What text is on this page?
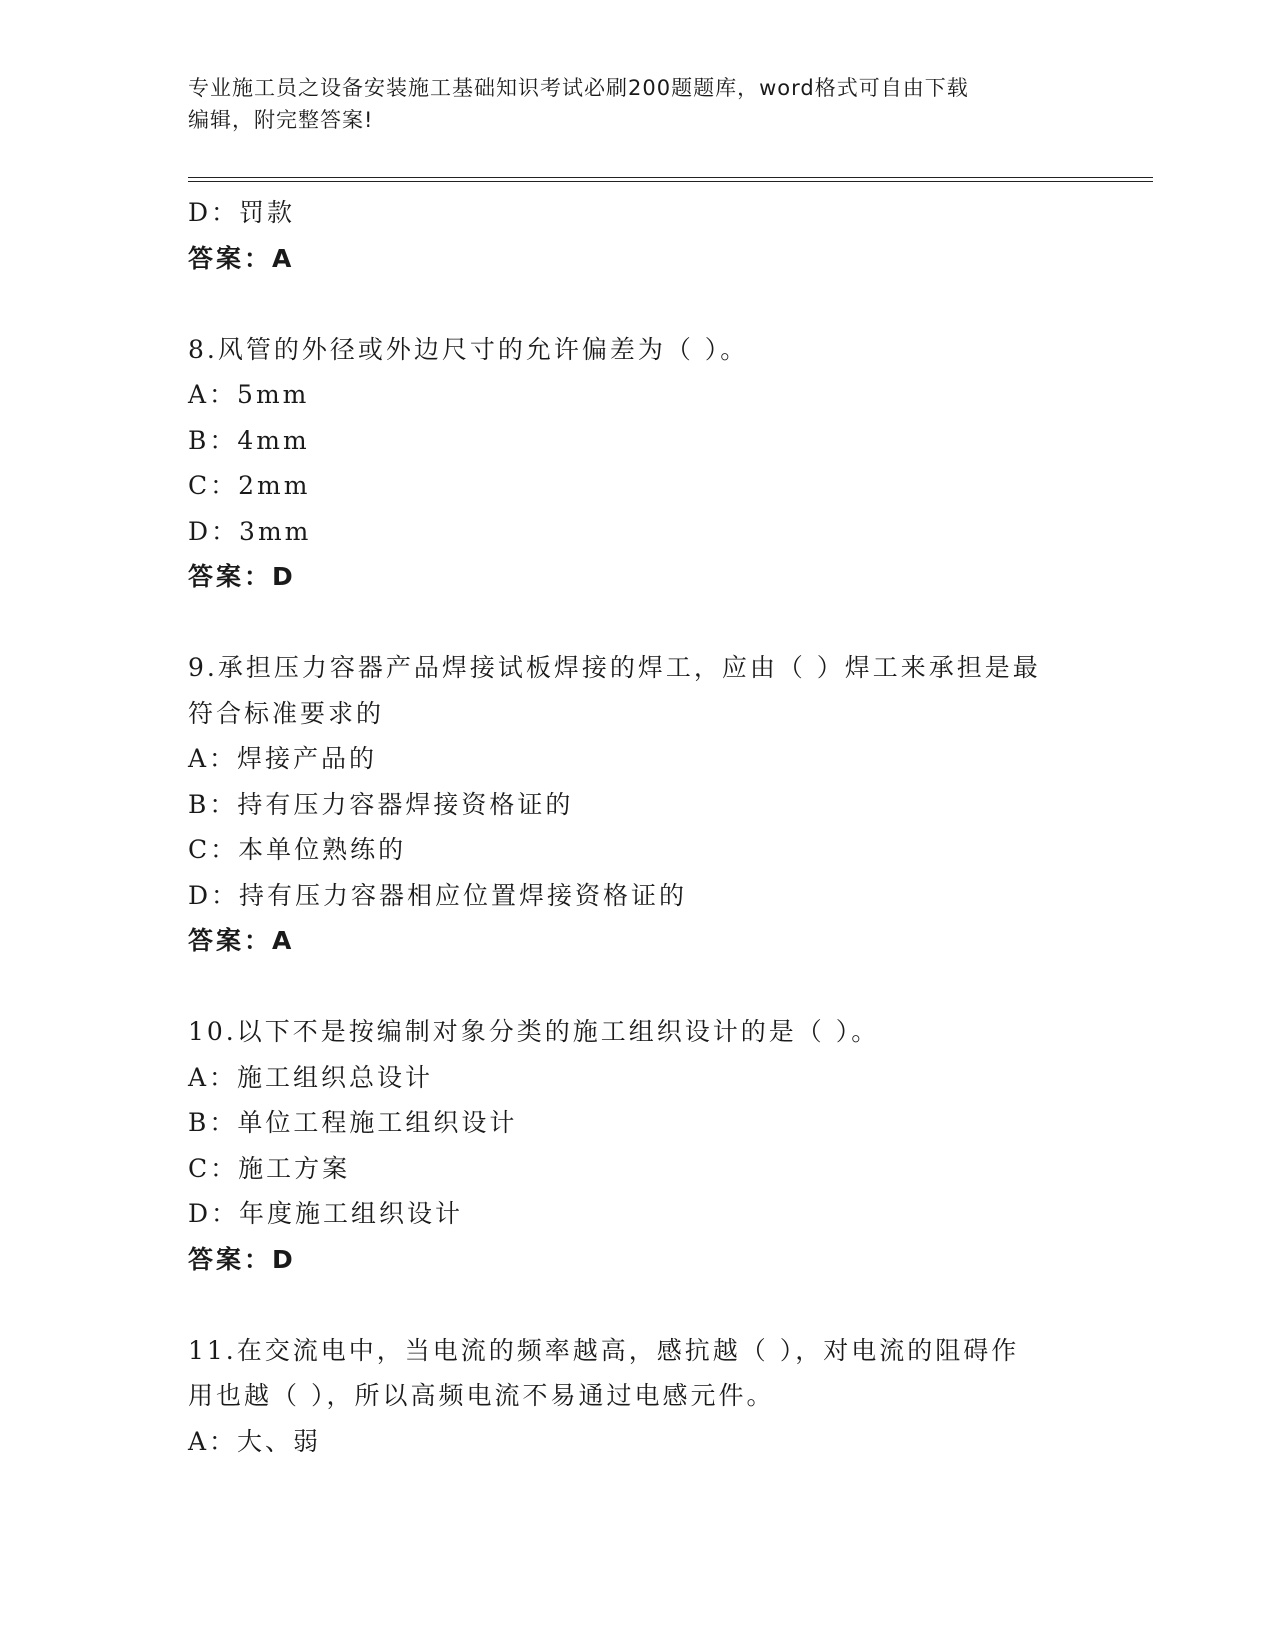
专业施工员之设备安装施工基础知识考试必刷200题题库，word格式可自由下载
编辑，附完整答案!
D：罚款
答案：A
8.风管的外径或外边尺寸的允许偏差为（ ）。
A：5mm
B：4mm
C：2mm
D：3mm
答案：D
9.承担压力容器产品焊接试板焊接的焊工，应由（ ）焊工来承担是最
符合标准要求的
A：焊接产品的
B：持有压力容器焊接资格证的
C：本单位熟练的
D：持有压力容器相应位置焊接资格证的
答案：A
10.以下不是按编制对象分类的施工组织设计的是（ ）。
A：施工组织总设计
B：单位工程施工组织设计
C：施工方案
D：年度施工组织设计
答案：D
11.在交流电中，当电流的频率越高，感抗越（ ），对电流的阻碍作
用也越（ ），所以高频电流不易通过电感元件。
A：大、弱
